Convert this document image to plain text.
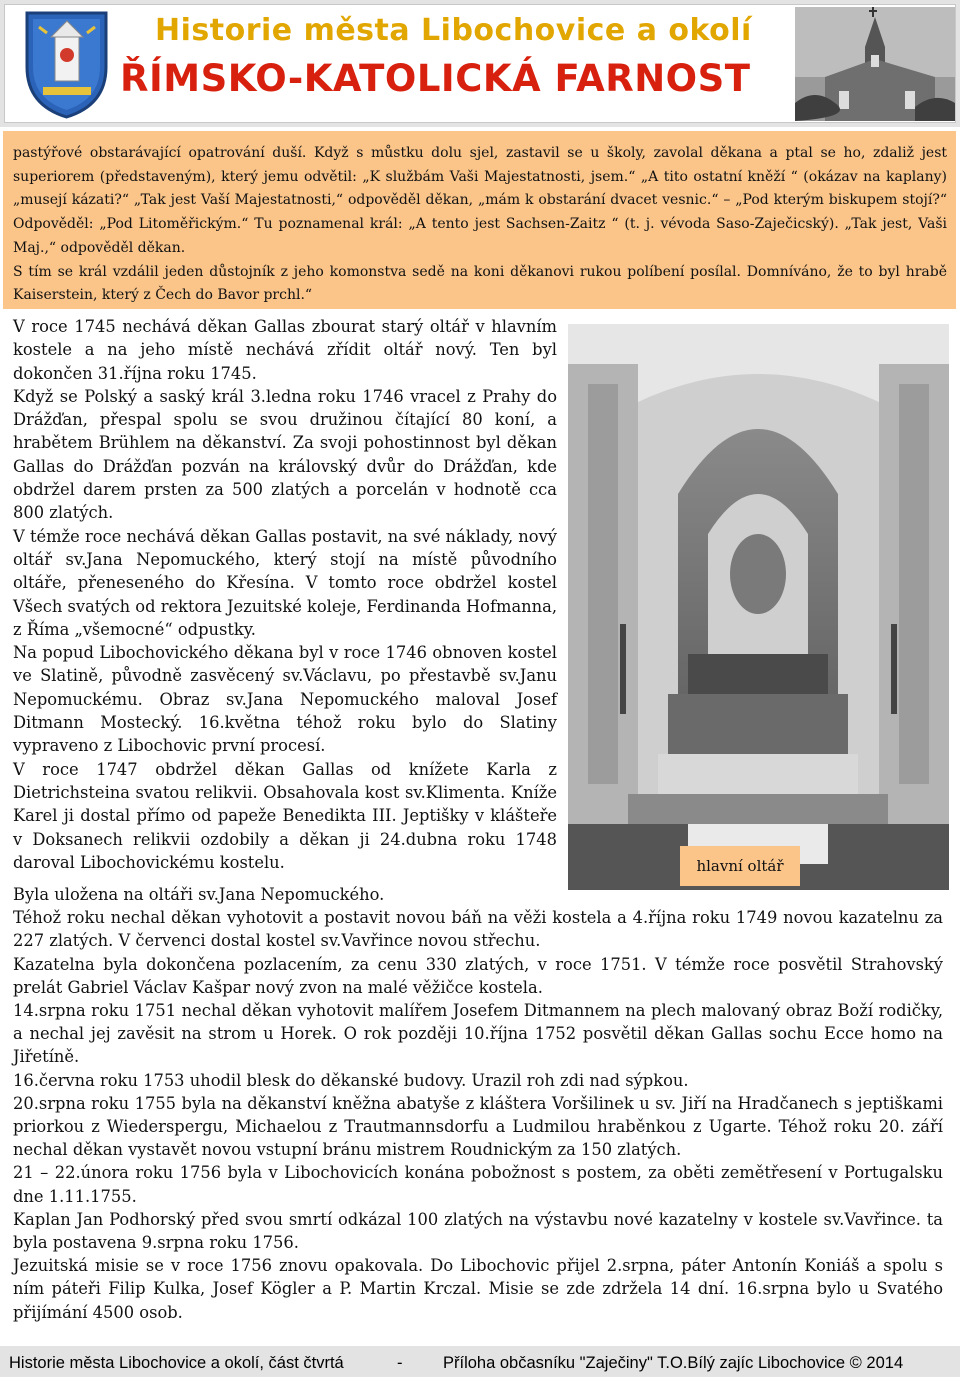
Historie města Libochovice a okolí
ŘÍMSKO-KATOLICKÁ FARNOST

pastýřové obstarávající opatrování duší. Když s můstku dolu sjel, zastavil se u školy, zavolal děkana a ptal se ho, zdaliž jest superiorem (představeným), který jemu odvětil: „K službám Vaši Majestatnosti, jsem.“ „A tito ostatní kněží “ (okázav na kaplany) „musejí kázati?“ „Tak jest Vaší Majestatnosti,“ odpověděl děkan, „mám k obstarání dvacet vesnic.“ – „Pod kterým biskupem stojí?“ Odpověděl: „Pod Litoměřickým.“ Tu poznamenal král: „A tento jest Sachsen-Zaitz “ (t. j. vévoda Saso-Zaječicský). „Tak jest, Vaši Maj.,“ odpověděl děkan.

S tím se král vzdálil jeden důstojník z jeho komonstva sedě na koni děkanovi rukou políbení posílal. Domníváno, že to byl hrabě Kaiserstein, který z Čech do Bavor prchl.“

V roce 1745 nechává děkan Gallas zbourat starý oltář v hlavním kostele a na jeho místě nechává zřídit oltář nový. Ten byl dokončen 31.října roku 1745.

Když se Polský a saský král 3.ledna roku 1746 vracel z Prahy do Drážďan, přespal spolu se svou družinou čítající 80 koní, a hrabětem Brühlem na děkanství. Za svoji pohostinnost byl děkan Gallas do Drážďan pozván na královský dvůr do Drážďan, kde obdržel darem prsten za 500 zlatých a porcelán v hodnotě cca 800 zlatých.

V témže roce nechává děkan Gallas postavit, na své náklady, nový oltář sv.Jana Nepomuckého, který stojí na místě původního oltáře, přeneseného do Křesína. V tomto roce obdržel kostel Všech svatých od rektora Jezuitské koleje, Ferdinanda Hofmanna, z Říma „všemocné“ odpustky.

Na popud Libochovického děkana byl v roce 1746 obnoven kostel ve Slatině, původně zasvěcený sv.Václavu, po přestavbě sv.Janu Nepomuckému. Obraz sv.Jana Nepomuckého maloval Josef Ditmann Mostecký. 16.května téhož roku bylo do Slatiny vypraveno z Libochovic první procesí.

V roce 1747 obdržel děkan Gallas od knížete Karla z Dietrichsteina svatou relikvii. Obsahovala kost sv.Klimenta. Kníže Karel ji dostal přímo od papeže Benedikta III. Jeptišky v klášteře v Doksanech relikvii ozdobily a děkan ji 24.dubna roku 1748 daroval Libochovickému kostelu.	hlavní oltář

Byla uložena na oltáři sv.Jana Nepomuckého.

Téhož roku nechal děkan vyhotovit a postavit novou báň na věži kostela a 4.října roku 1749 novou kazatelnu za 227 zlatých. V červenci dostal kostel sv.Vavřince novou střechu.

Kazatelna byla dokončena pozlacením, za cenu 330 zlatých, v roce 1751. V témže roce posvětil Strahovský prelát Gabriel Václav Kašpar nový zvon na malé věžičce kostela.

14.srpna roku 1751 nechal děkan vyhotovit malířem Josefem Ditmannem na plech malovaný obraz Boží rodičky, a nechal jej zavěsit na strom u Horek. O rok později 10.října 1752 posvětil děkan Gallas sochu Ecce homo na Jiřetíně.

16.června roku 1753 uhodil blesk do děkanské budovy. Urazil roh zdi nad sýpkou.

20.srpna roku 1755 byla na děkanství kněžna abatyše z kláštera Voršilinek u sv. Jiří na Hradčanech s jeptiškami priorkou z Wiederspergu, Michaelou z Trautmannsdorfu a Ludmilou hraběnkou z Ugarte. Téhož roku 20. září nechal děkan vystavět novou vstupní bránu mistrem Roudnickým za 150 zlatých.

21 – 22.února roku 1756 byla v Libochovicích konána pobožnost s postem, za oběti zemětřesení v Portugalsku dne 1.11.1755.

Kaplan Jan Podhorský před svou smrtí odkázal 100 zlatých na výstavbu nové kazatelny v kostele sv.Vavřince. ta byla postavena 9.srpna roku 1756.

Jezuitská misie se v roce 1756 znovu opakovala. Do Libochovic přijel 2.srpna, páter Antonín Koniáš a spolu s ním páteři Filip Kulka, Josef Kögler a P. Martin Krczal. Misie se zde zdržela 14 dní. 16.srpna bylo u Svatého přijímání 4500 osob.

Historie města Libochovice a okolí, část čtvrtá	- Příloha občasníku "Zaječiny" T.O.Bílý zajíc Libochovice © 2014
